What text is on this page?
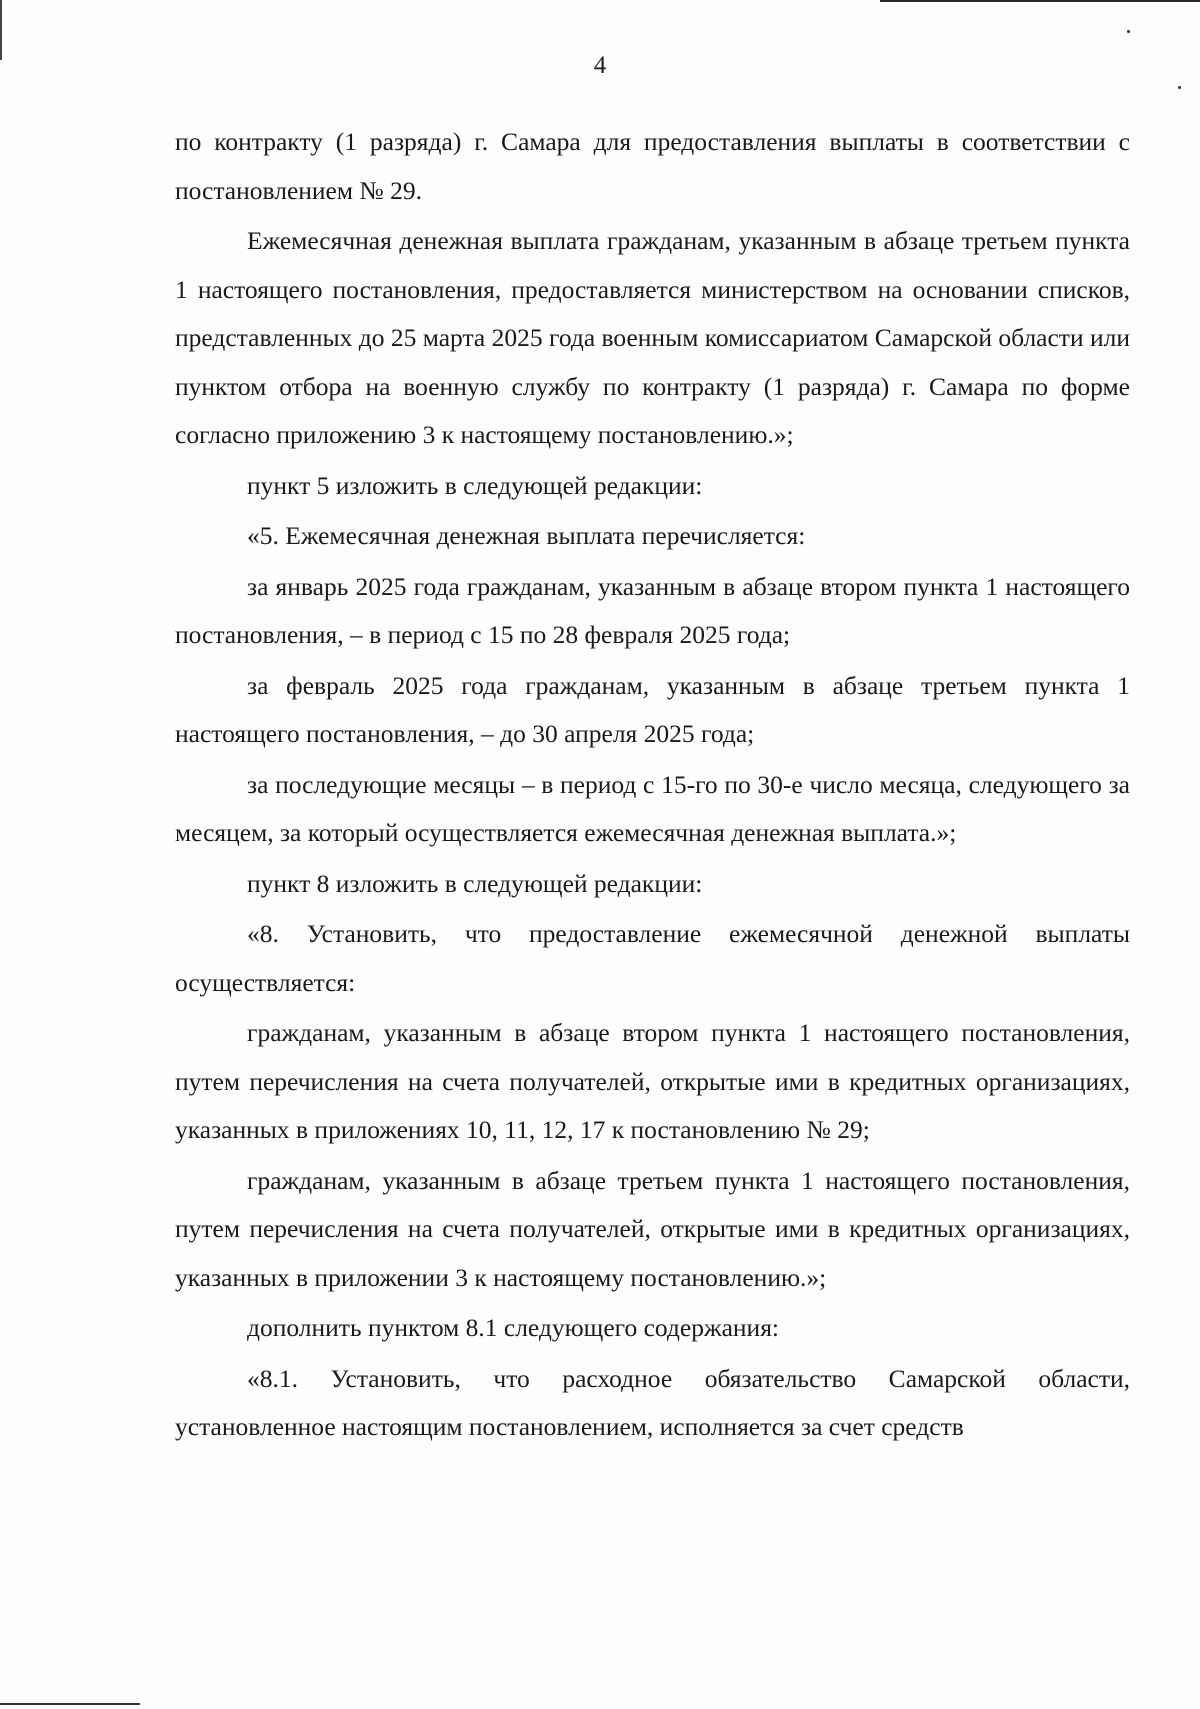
4

по контракту (1 разряда) г. Самара для предоставления выплаты в соответствии с постановлением № 29.

Ежемесячная денежная выплата гражданам, указанным в абзаце третьем пункта 1 настоящего постановления, предоставляется министерством на основании списков, представленных до 25 марта 2025 года военным комиссариатом Самарской области или пунктом отбора на военную службу по контракту (1 разряда) г. Самара по форме согласно приложению 3 к настоящему постановлению.»;

пункт 5 изложить в следующей редакции:

«5. Ежемесячная денежная выплата перечисляется:

за январь 2025 года гражданам, указанным в абзаце втором пункта 1 настоящего постановления, – в период с 15 по 28 февраля 2025 года;

за февраль 2025 года гражданам, указанным в абзаце третьем пункта 1 настоящего постановления, – до 30 апреля 2025 года;

за последующие месяцы – в период с 15-го по 30-е число месяца, следующего за месяцем, за который осуществляется ежемесячная денежная выплата.»;

пункт 8 изложить в следующей редакции:

«8. Установить, что предоставление ежемесячной денежной выплаты осуществляется:

гражданам, указанным в абзаце втором пункта 1 настоящего постановления, путем перечисления на счета получателей, открытые ими в кредитных организациях, указанных в приложениях 10, 11, 12, 17 к постановлению № 29;

гражданам, указанным в абзаце третьем пункта 1 настоящего постановления, путем перечисления на счета получателей, открытые ими в кредитных организациях, указанных в приложении 3 к настоящему постановлению.»;

дополнить пунктом 8.1 следующего содержания:

«8.1. Установить, что расходное обязательство Самарской области, установленное настоящим постановлением, исполняется за счет средств
